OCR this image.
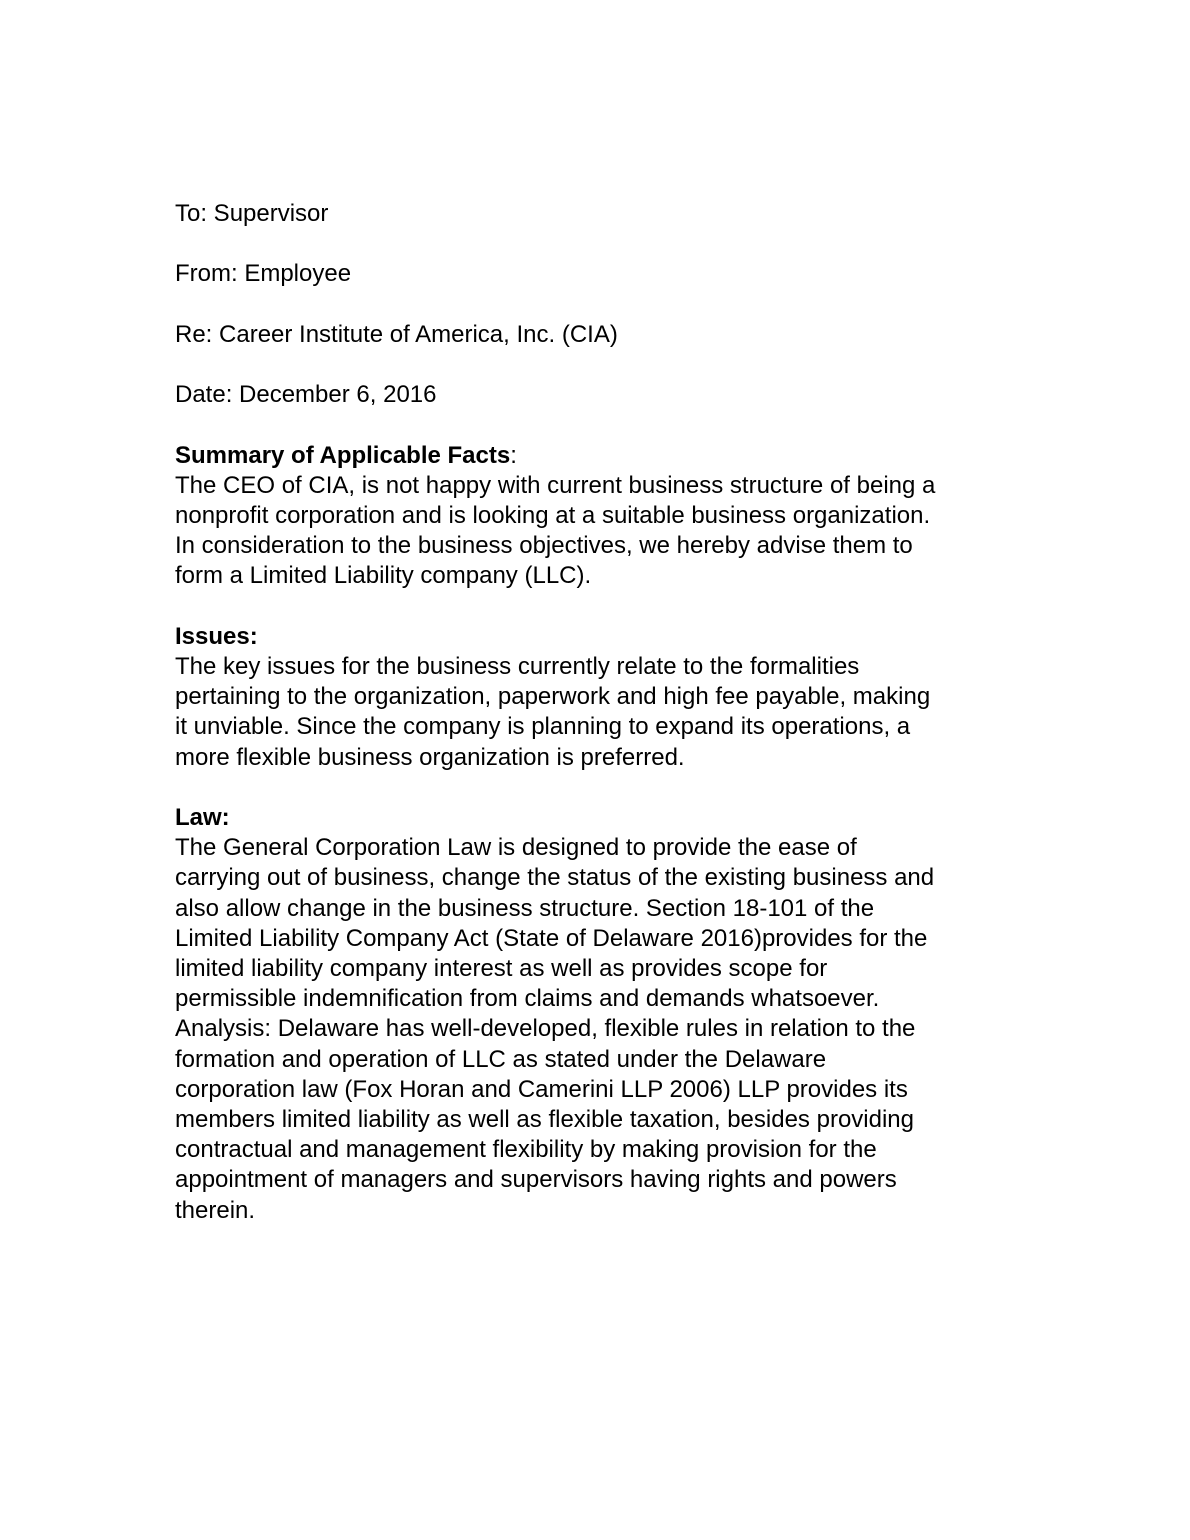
To: Supervisor

From: Employee

Re: Career Institute of America, Inc. (CIA)

Date: December 6, 2016

Summary of Applicable Facts:

The CEO of CIA, is not happy with current business structure of being a

nonprofit corporation and is looking at a suitable business organization.

In consideration to the business objectives, we hereby advise them to

form a Limited Liability company (LLC).

Issues:

The key issues for the business currently relate to the formalities

pertaining to the organization, paperwork and high fee payable, making

it unviable. Since the company is planning to expand its operations, a

more flexible business organization is preferred.

Law:

The General Corporation Law is designed to provide the ease of

carrying out of business, change the status of the existing business and

also allow change in the business structure. Section 18-101 of the

Limited Liability Company Act (State of Delaware 2016)provides for the

limited liability company interest as well as provides scope for

permissible indemnification from claims and demands whatsoever.

Analysis: Delaware has well-developed, flexible rules in relation to the

formation and operation of LLC as stated under the Delaware

corporation law (Fox Horan and Camerini LLP 2006) LLP provides its

members limited liability as well as flexible taxation, besides providing

contractual and management flexibility by making provision for the

appointment of managers and supervisors having rights and powers

therein.
